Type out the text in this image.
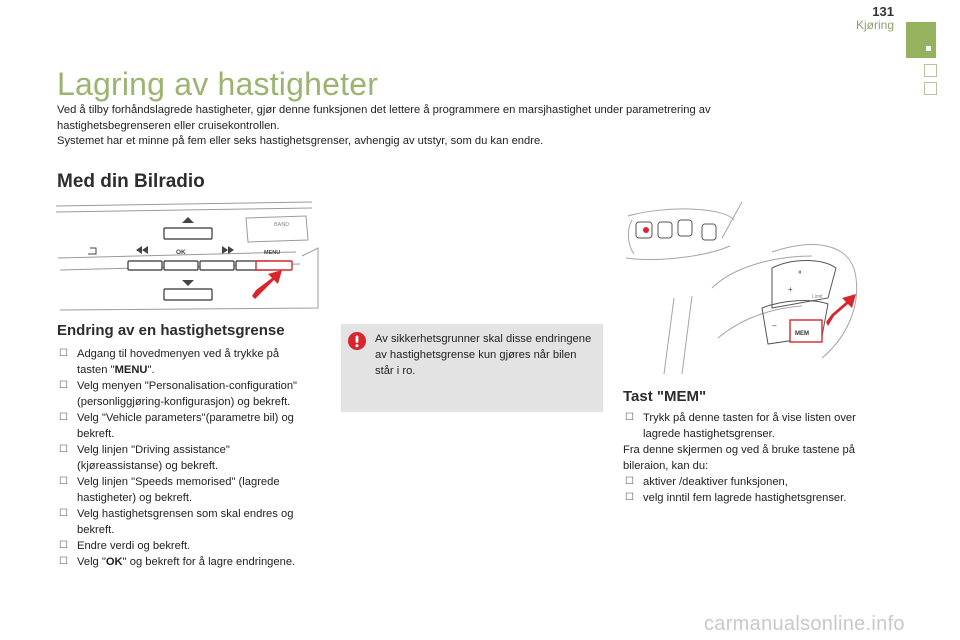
131
Kjøring
Lagring av hastigheter

Ved å tilby forhåndslagrede hastigheter, gjør denne funksjonen det lettere å programmere en marsjhastighet under parametrering av hastighetsbegrenseren eller cruisekontrollen.

Systemet har et minne på fem eller seks hastighetsgrenser, avhengig av utstyr, som du kan endre.

Med din Bilradio
OK	MENU
BAND
⏸
+
Limit
–
MEM
Endring av en hastighetsgrense
☐ Adgang til hovedmenyen ved å trykke på tasten "MENU".
☐ Velg menyen "Personalisation-configuration" (personliggjøring-konfigurasjon) og bekreft.
☐ Velg "Vehicle parameters"(parametre bil) og bekreft.
☐ Velg linjen "Driving assistance" (kjøreassistanse) og bekreft.
☐ Velg linjen "Speeds memorised" (lagrede hastigheter) og bekreft.
☐ Velg hastighetsgrensen som skal endres og bekreft.
☐ Endre verdi og bekreft.
☐ Velg "OK" og bekreft for å lagre endringene.
Av sikkerhetsgrunner skal disse endringene av hastighetsgrense kun gjøres når bilen står i ro.
Tast "MEM"
☐ Trykk på denne tasten for å vise listen over lagrede hastighetsgrenser.
Fra denne skjermen og ved å bruke tastene på bileraion, kan du:
☐ aktiver /deaktiver funksjonen,
☐ velg inntil fem lagrede hastighetsgrenser.
carmanualsonline.info
